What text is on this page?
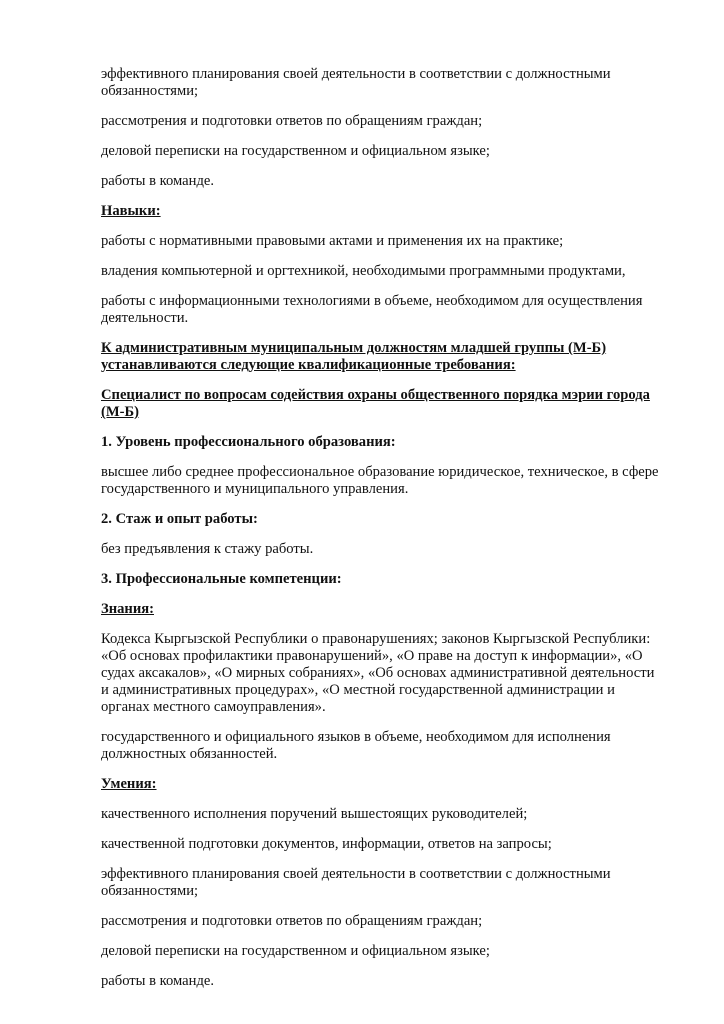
эффективного планирования своей деятельности в соответствии с должностными обязанностями;

рассмотрения и подготовки ответов по обращениям граждан;

деловой переписки на государственном и официальном языке;

работы в команде.

Навыки:

работы с нормативными правовыми актами и применения их на практике;

владения компьютерной и оргтехникой, необходимыми программными продуктами,

работы с информационными технологиями в объеме, необходимом для осуществления деятельности.

К административным муниципальным должностям младшей группы (М-Б) устанавливаются следующие квалификационные требования:

Специалист по вопросам содействия охраны общественного порядка мэрии города (М-Б)

1. Уровень профессионального образования:

высшее либо среднее профессиональное образование юридическое, техническое, в сфере государственного и муниципального управления.

2. Стаж и опыт работы:

без предъявления к стажу работы.

3. Профессиональные компетенции:

Знания:

Кодекса Кыргызской Республики о правонарушениях; законов Кыргызской Республики: «Об основах профилактики правонарушений», «О праве на доступ к информации», «О судах аксакалов», «О мирных собраниях», «Об основах административной деятельности и административных процедурах», «О местной государственной администрации и органах местного самоуправления».

государственного и официального языков в объеме, необходимом для исполнения должностных обязанностей.

Умения:

качественного исполнения поручений вышестоящих руководителей;

качественной подготовки документов, информации, ответов на запросы;

эффективного планирования своей деятельности в соответствии с должностными обязанностями;

рассмотрения и подготовки ответов по обращениям граждан;

деловой переписки на государственном и официальном языке;

работы в команде.
